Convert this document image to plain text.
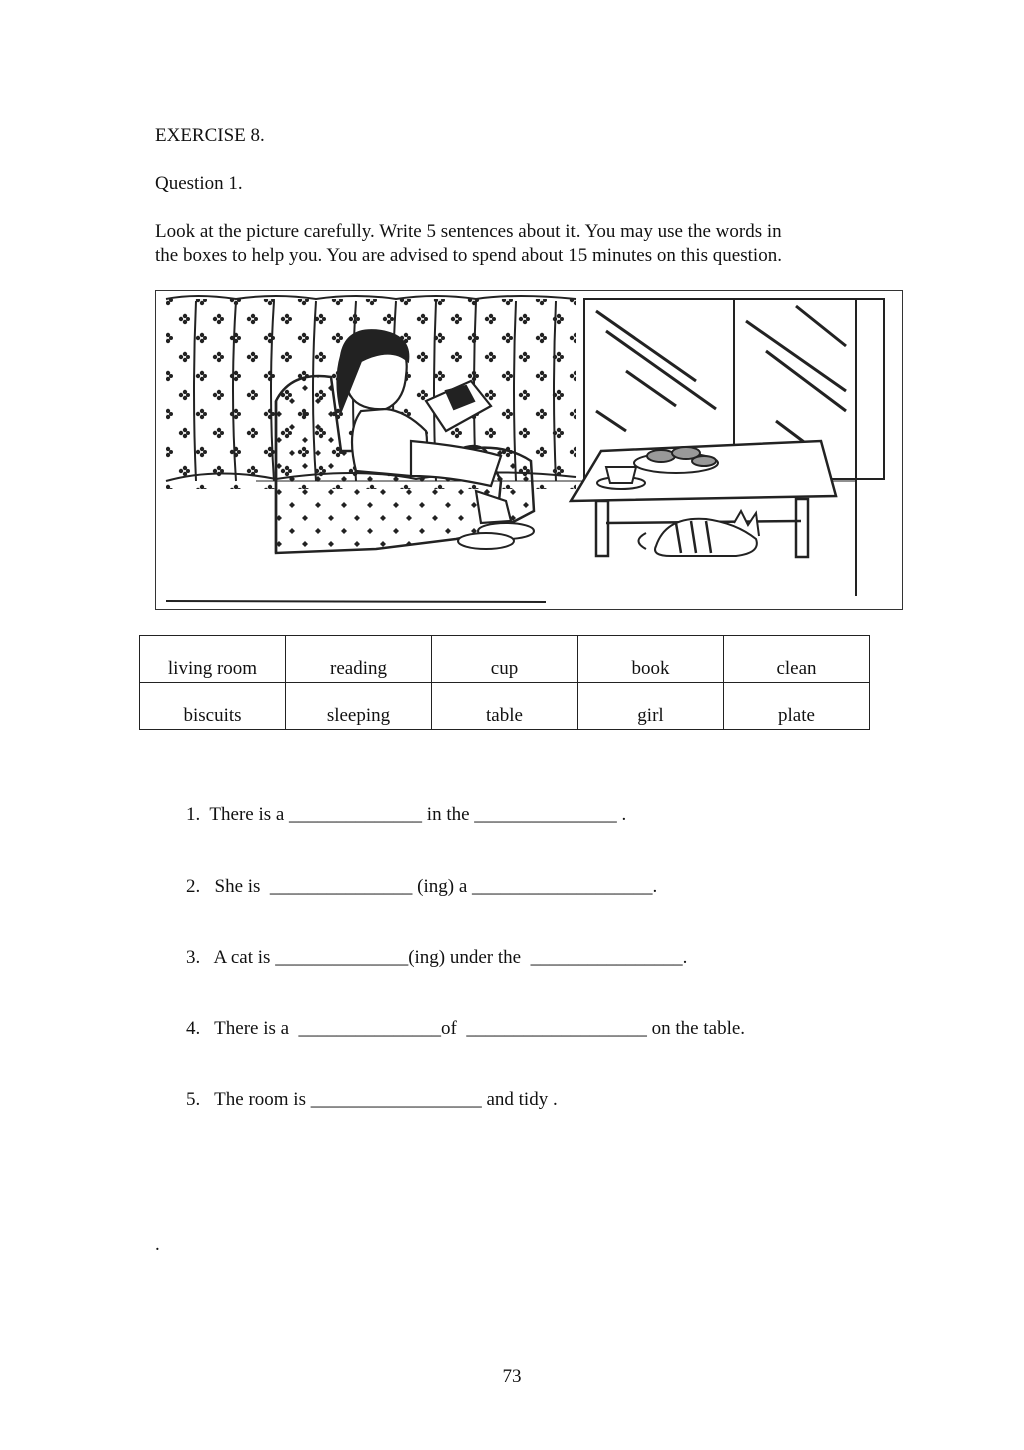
EXERCISE 8.
Question 1.
Look at the picture carefully. Write 5 sentences about it. You may use the words in
the boxes to help you. You are advised to spend about 15 minutes on this question.
living room	reading	cup	book	clean
biscuits	sleeping	table	girl	plate
1.  There is a ______________ in the _______________ .
2.   She is  _______________ (ing) a ___________________.
3.   A cat is ______________(ing) under the  ________________.
4.   There is a  _______________of  ___________________ on the table.
5.   The room is __________________ and tidy .
.
73
